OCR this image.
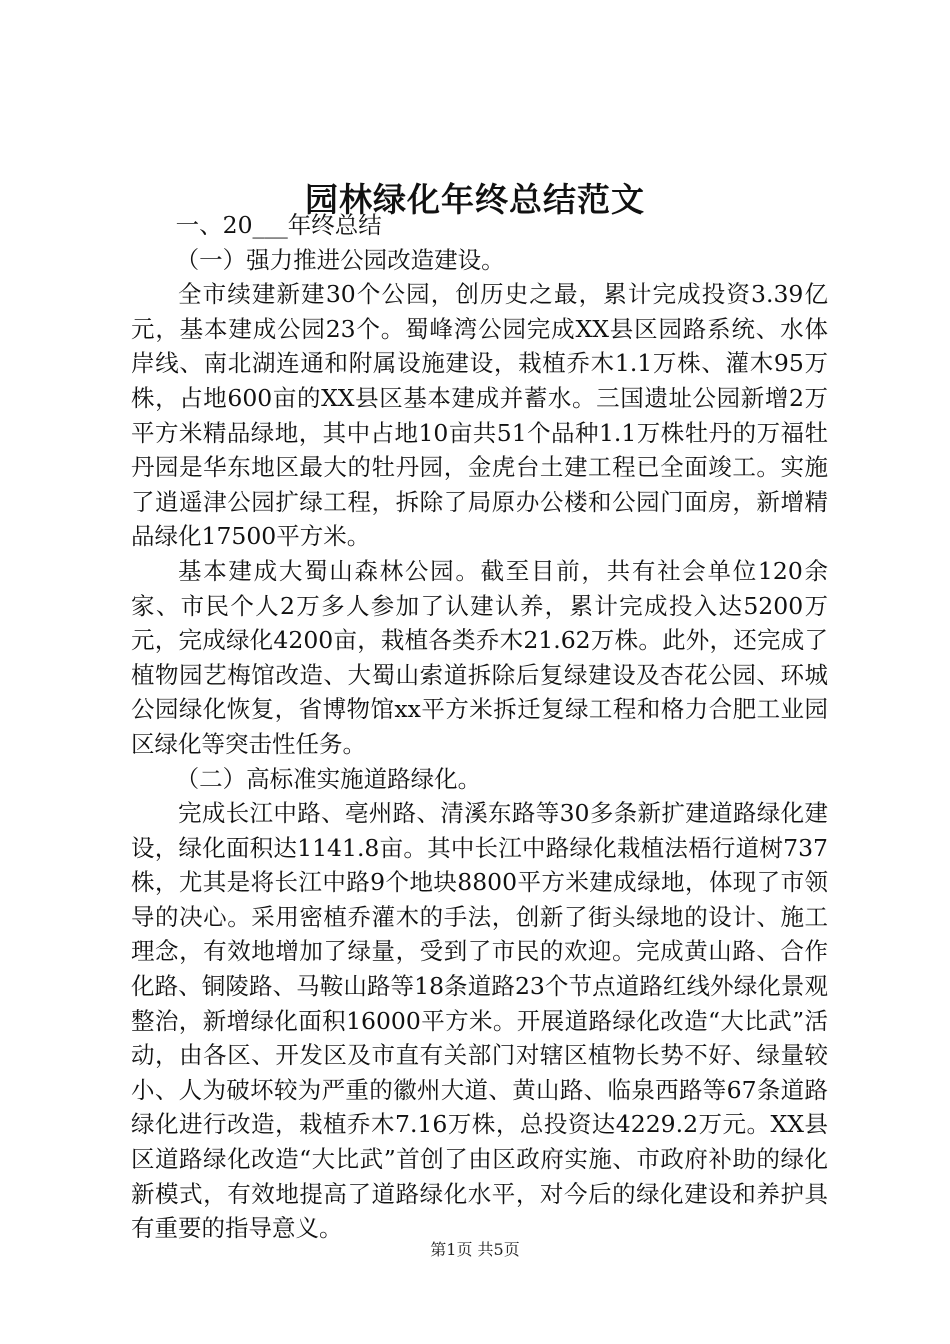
园林绿化年终总结范文

一、20___年终总结

（一）强力推进公园改造建设。

全市续建新建30个公园，创历史之最，累计完成投资3.39亿元，基本建成公园23个。蜀峰湾公园完成XX县区园路系统、水体岸线、南北湖连通和附属设施建设，栽植乔木1.1万株、灌木95万株，占地600亩的XX县区基本建成并蓄水。三国遗址公园新增2万平方米精品绿地，其中占地10亩共51个品种1.1万株牡丹的万福牡丹园是华东地区最大的牡丹园，金虎台土建工程已全面竣工。实施了逍遥津公园扩绿工程，拆除了局原办公楼和公园门面房，新增精品绿化17500平方米。

基本建成大蜀山森林公园。截至目前，共有社会单位120余家、市民个人2万多人参加了认建认养，累计完成投入达5200万元，完成绿化4200亩，栽植各类乔木21.62万株。此外，还完成了植物园艺梅馆改造、大蜀山索道拆除后复绿建设及杏花公园、环城公园绿化恢复，省博物馆xx平方米拆迁复绿工程和格力合肥工业园区绿化等突击性任务。

（二）高标准实施道路绿化。

完成长江中路、亳州路、清溪东路等30多条新扩建道路绿化建设，绿化面积达1141.8亩。其中长江中路绿化栽植法梧行道树737株，尤其是将长江中路9个地块8800平方米建成绿地，体现了市领导的决心。采用密植乔灌木的手法，创新了街头绿地的设计、施工理念，有效地增加了绿量，受到了市民的欢迎。完成黄山路、合作化路、铜陵路、马鞍山路等18条道路23个节点道路红线外绿化景观整治，新增绿化面积16000平方米。开展道路绿化改造“大比武”活动，由各区、开发区及市直有关部门对辖区植物长势不好、绿量较小、人为破坏较为严重的徽州大道、黄山路、临泉西路等67条道路绿化进行改造，栽植乔木7.16万株，总投资达4229.2万元。XX县区道路绿化改造“大比武”首创了由区政府实施、市政府补助的绿化新模式，有效地提高了道路绿化水平，对今后的绿化建设和养护具有重要的指导意义。

第1页 共5页
